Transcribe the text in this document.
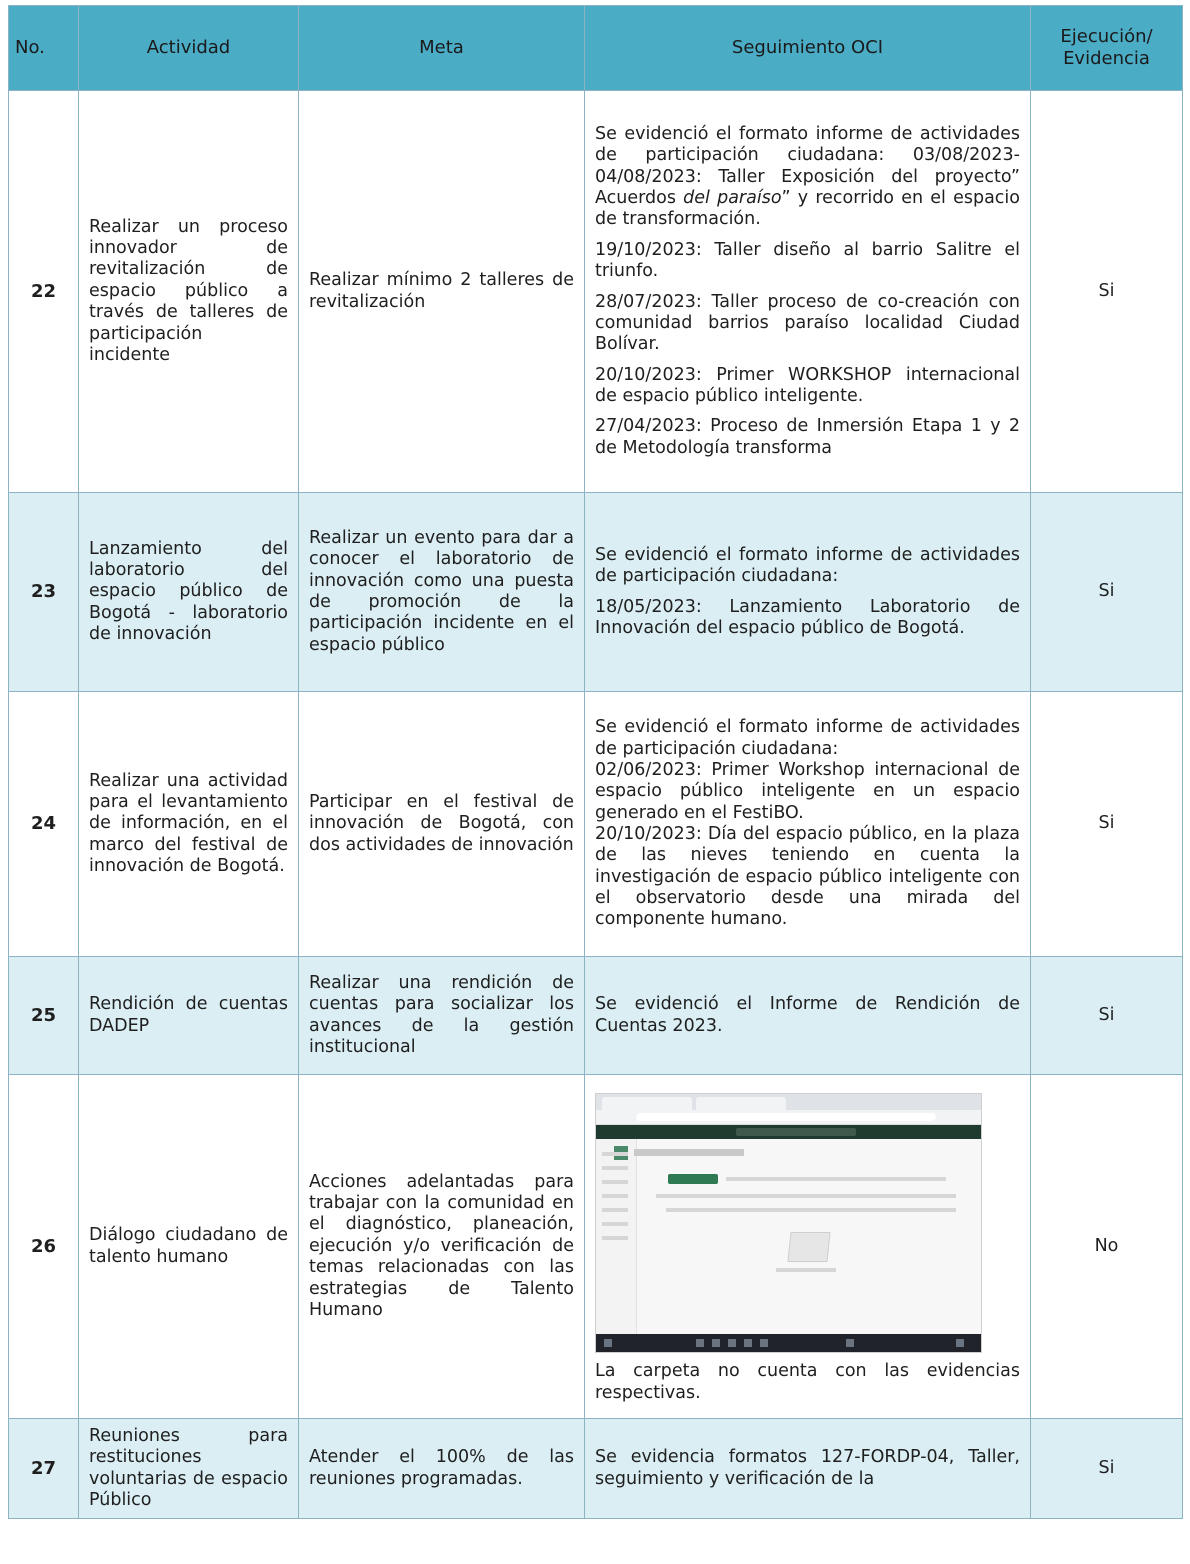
No.	Actividad	Meta	Seguimiento OCI	Ejecución/
Evidencia
22	Realizar un proceso innovador de revitalización de espacio público a través de talleres de participación incidente	Realizar mínimo 2 talleres de revitalización	Se evidenció el formato informe de actividades de participación ciudadana: 03/08/2023-04/08/2023: Taller Exposición del proyecto” Acuerdos del paraíso” y recorrido en el espacio de transformación.
19/10/2023: Taller diseño al barrio Salitre el triunfo.
28/07/2023: Taller proceso de co-creación con comunidad barrios paraíso localidad Ciudad Bolívar.
20/10/2023: Primer WORKSHOP internacional de espacio público inteligente.
27/04/2023: Proceso de Inmersión Etapa 1 y 2 de Metodología transforma	Si
23	Lanzamiento del laboratorio del espacio público de Bogotá - laboratorio de innovación	Realizar un evento para dar a conocer el laboratorio de innovación como una puesta de promoción de la participación incidente en el espacio público	Se evidenció el formato informe de actividades de participación ciudadana:
18/05/2023: Lanzamiento Laboratorio de Innovación del espacio público de Bogotá.	Si
24	Realizar una actividad para el levantamiento de información, en el marco del festival de innovación de Bogotá.	Participar en el festival de innovación de Bogotá, con dos actividades de innovación	Se evidenció el formato informe de actividades de participación ciudadana:
02/06/2023: Primer Workshop internacional de espacio público inteligente en un espacio generado en el FestiBO.
20/10/2023: Día del espacio público, en la plaza de las nieves teniendo en cuenta la investigación de espacio público inteligente con el observatorio desde una mirada del componente humano.	Si
25	Rendición de cuentas DADEP	Realizar una rendición de cuentas para socializar los avances de la gestión institucional	Se evidenció el Informe de Rendición de Cuentas 2023.	Si
26	Diálogo ciudadano de talento humano	Acciones adelantadas para trabajar con la comunidad en el diagnóstico, planeación, ejecución y/o verificación de temas relacionadas con las estrategias de Talento Humano	La carpeta no cuenta con las evidencias respectivas.	No
27	Reuniones para restituciones voluntarias de espacio Público	Atender el 100% de las reuniones programadas.	Se evidencia formatos 127-FORDP-04, Taller, seguimiento y verificación de la	Si
